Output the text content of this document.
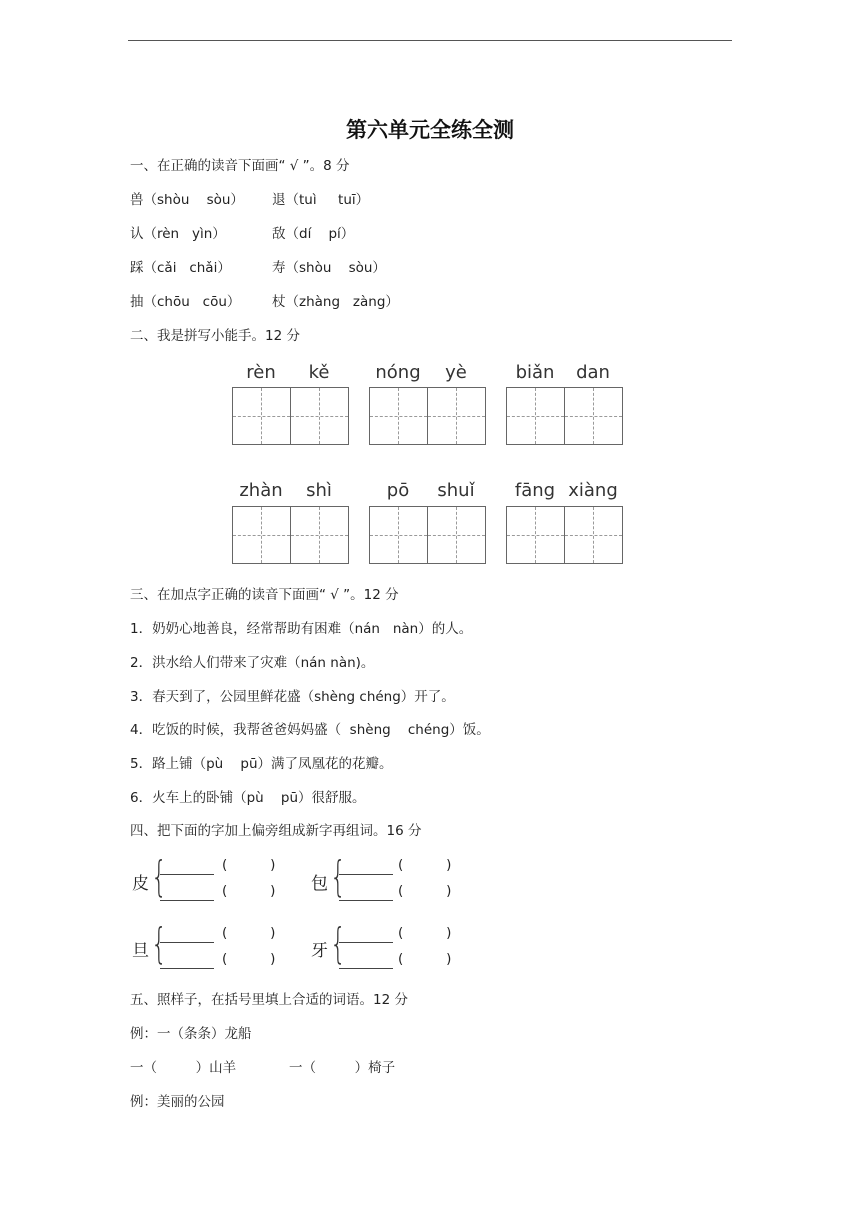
第六单元全练全测
一、在正确的读音下面画“ √ ”。8 分
兽（shòu    sòu） 退（tuì     tuī）
认（rèn   yìn）	敌（dí    pí）
踩（cǎi   chǎi）	寿（shòu    sòu）
抽（chōu   cōu） 杖（zhàng   zàng）
二、我是拼写小能手。12 分
rèn	kě	nóng	yè	biǎn	dan
zhàn	shì	pō	shuǐ	fāng xiàng
三、在加点字正确的读音下面画“ √ ”。12 分
1．奶奶心地善良，经常帮助有困难（nán   nàn）的人。
2．洪水给人们带来了灾难（nán nàn)。
3．春天到了，公园里鲜花盛（shèng chéng）开了。
4．吃饭的时候，我帮爸爸妈妈盛（  shèng    chéng）饭。
5．路上铺（pù    pū）满了凤凰花的花瓣。
6．火车上的卧铺（pù    pū）很舒服。
四、把下面的字加上偏旁组成新字再组词。16 分
皮 {	(          )
(          ) 包 {	(          )
(          )
旦 {	(          )
(          ) 牙 {	(          )
(          )
五、照样子，在括号里填上合适的词语。12 分
例：一（条条）龙船
一（         ）山羊	一（         ）椅子
例：美丽的公园
